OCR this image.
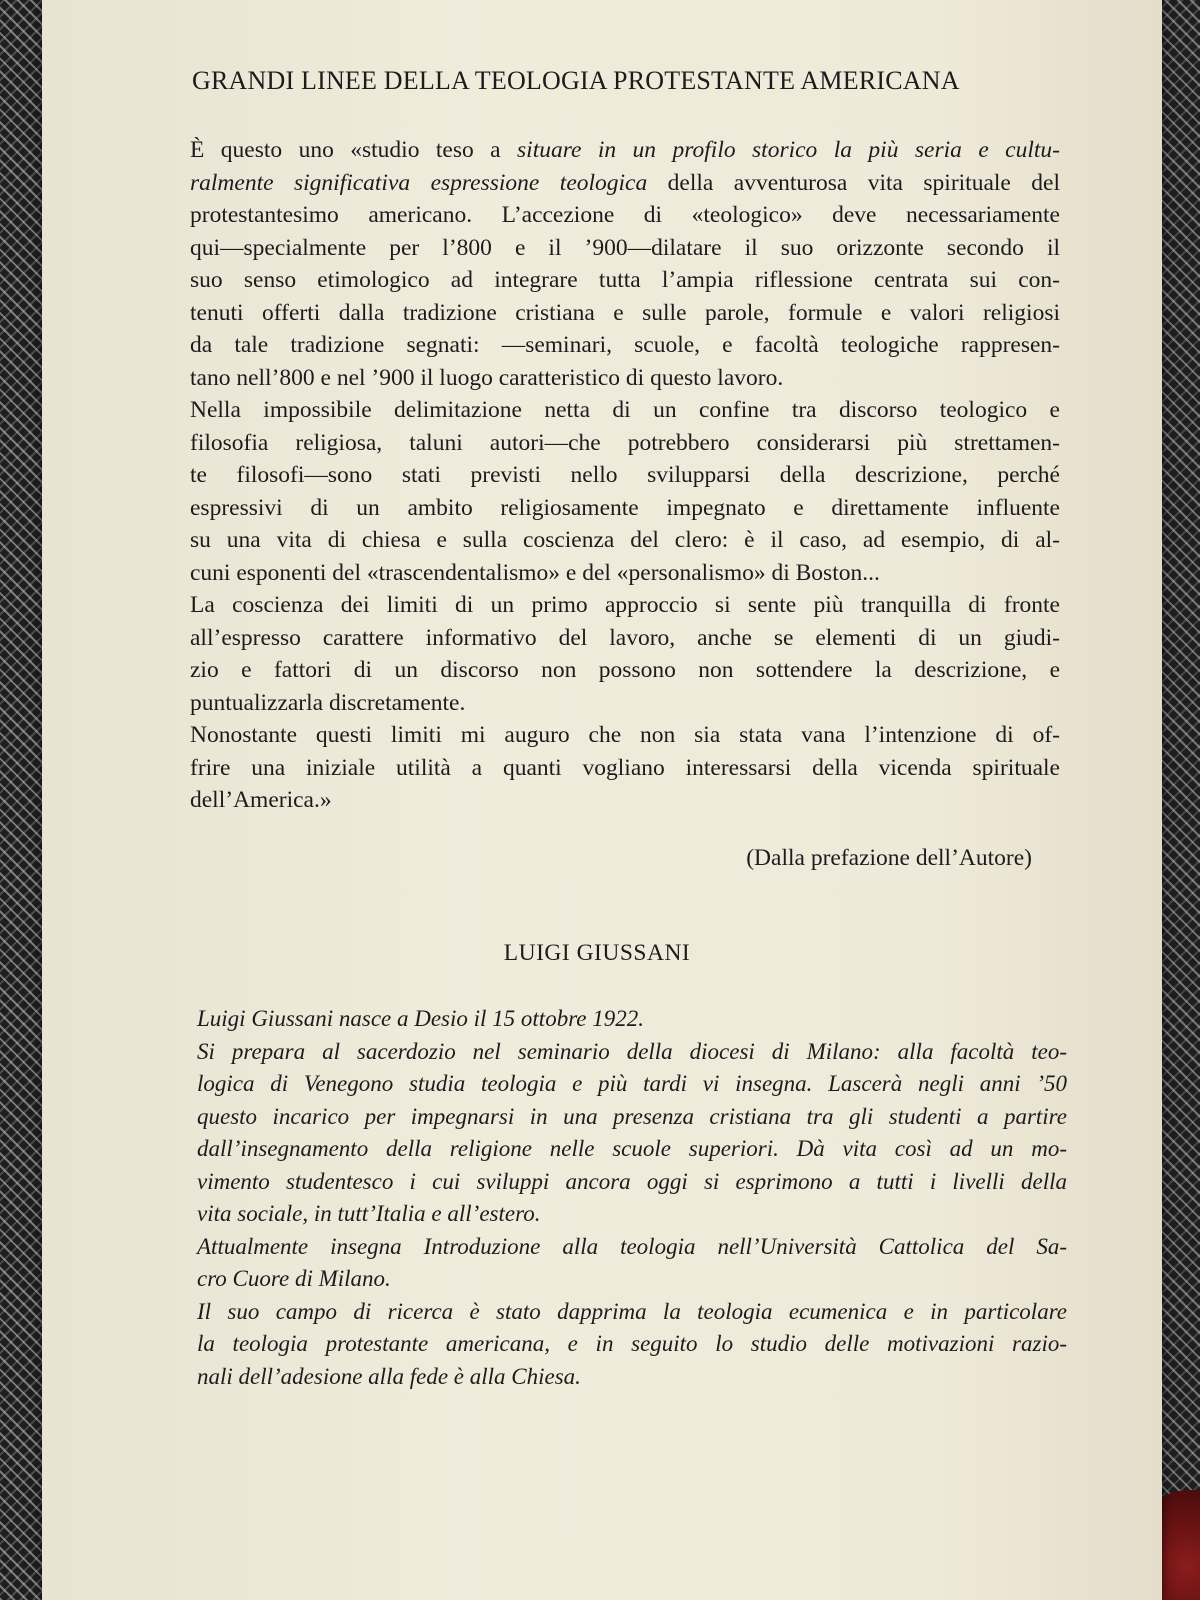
GRANDI LINEE DELLA TEOLOGIA PROTESTANTE AMERICANA
È questo uno «studio teso a situare in un profilo storico la più seria e cultu-
ralmente significativa espressione teologica della avventurosa vita spirituale del
protestantesimo americano. L’accezione di «teologico» deve necessariamente
qui—specialmente per l’800 e il ’900—dilatare il suo orizzonte secondo il
suo senso etimologico ad integrare tutta l’ampia riflessione centrata sui con-
tenuti offerti dalla tradizione cristiana e sulle parole, formule e valori religiosi
da tale tradizione segnati: —seminari, scuole, e facoltà teologiche rappresen-
tano nell’800 e nel ’900 il luogo caratteristico di questo lavoro.
Nella impossibile delimitazione netta di un confine tra discorso teologico e
filosofia religiosa, taluni autori—che potrebbero considerarsi più strettamen-
te filosofi—sono stati previsti nello svilupparsi della descrizione, perché
espressivi di un ambito religiosamente impegnato e direttamente influente
su una vita di chiesa e sulla coscienza del clero: è il caso, ad esempio, di al-
cuni esponenti del «trascendentalismo» e del «personalismo» di Boston...
La coscienza dei limiti di un primo approccio si sente più tranquilla di fronte
all’espresso carattere informativo del lavoro, anche se elementi di un giudi-
zio e fattori di un discorso non possono non sottendere la descrizione, e
puntualizzarla discretamente.
Nonostante questi limiti mi auguro che non sia stata vana l’intenzione di of-
frire una iniziale utilità a quanti vogliano interessarsi della vicenda spirituale
dell’America.»
(Dalla prefazione dell’Autore)
LUIGI GIUSSANI
Luigi Giussani nasce a Desio il 15 ottobre 1922.
Si prepara al sacerdozio nel seminario della diocesi di Milano: alla facoltà teo-
logica di Venegono studia teologia e più tardi vi insegna. Lascerà negli anni ’50
questo incarico per impegnarsi in una presenza cristiana tra gli studenti a partire
dall’insegnamento della religione nelle scuole superiori. Dà vita così ad un mo-
vimento studentesco i cui sviluppi ancora oggi si esprimono a tutti i livelli della
vita sociale, in tutt’Italia e all’estero.
Attualmente insegna Introduzione alla teologia nell’Università Cattolica del Sa-
cro Cuore di Milano.
Il suo campo di ricerca è stato dapprima la teologia ecumenica e in particolare
la teologia protestante americana, e in seguito lo studio delle motivazioni razio-
nali dell’adesione alla fede è alla Chiesa.
